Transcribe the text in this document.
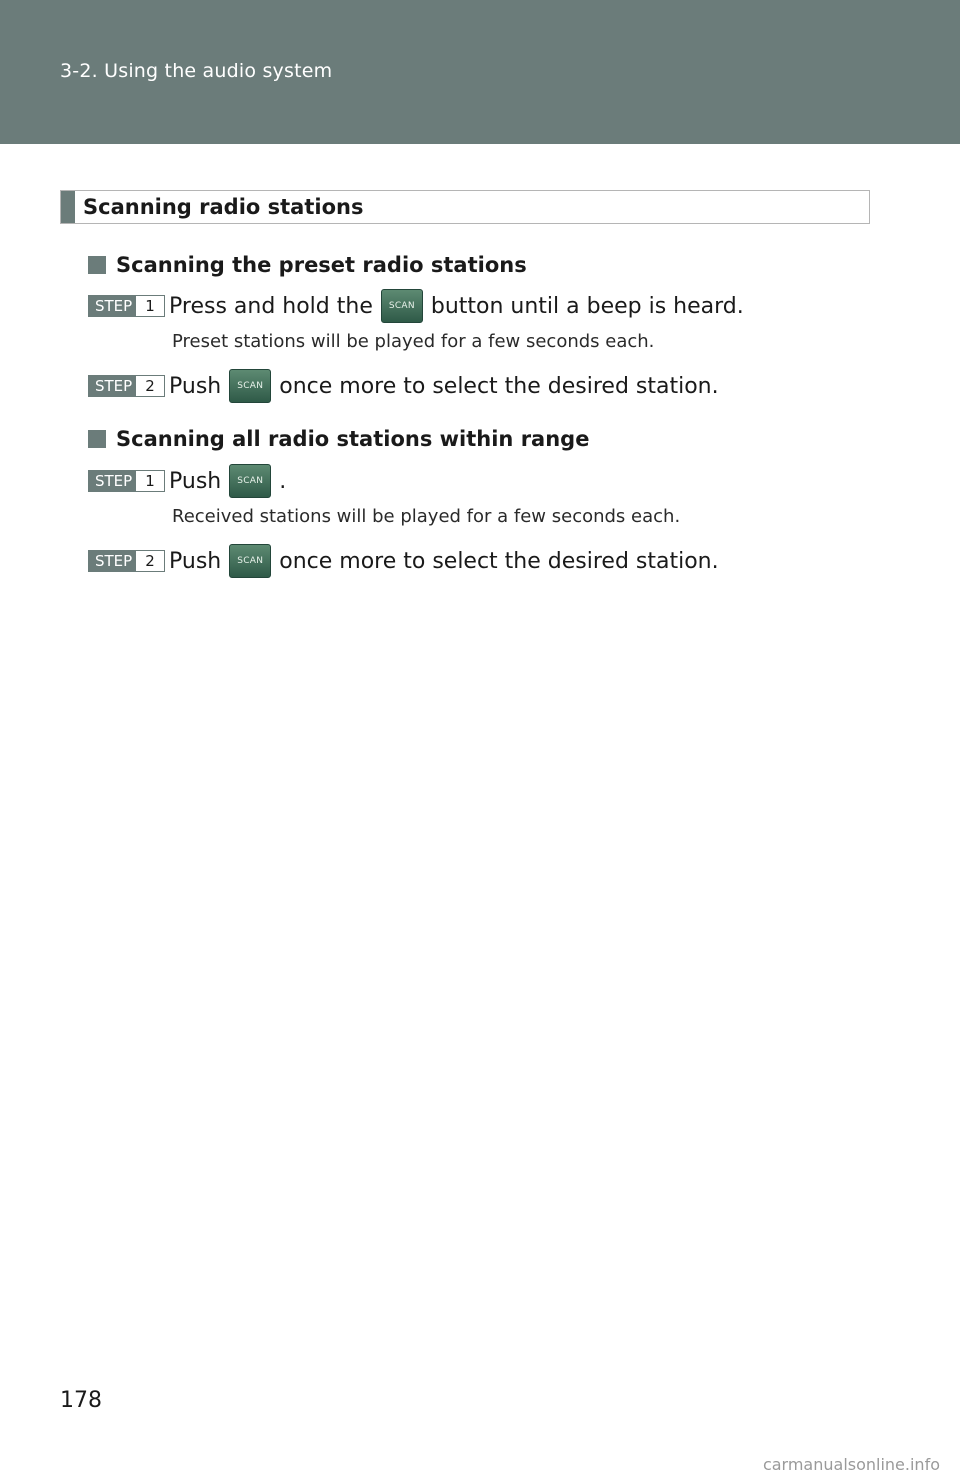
3-2. Using the audio system
Scanning radio stations
Scanning the preset radio stations
STEP 1 Press and hold the	SCAN button until a beep is heard.
Preset stations will be played for a few seconds each.
STEP 2 Push	SCAN once more to select the desired station.
Scanning all radio stations within range
STEP 1 Push	SCAN .
Received stations will be played for a few seconds each.
STEP 2 Push	SCAN once more to select the desired station.
178
carmanualsonline.info
